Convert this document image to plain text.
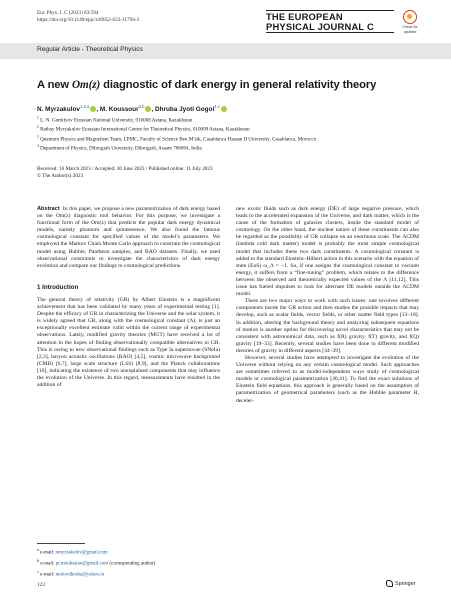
Eur. Phys. J. C (2023) 83:594
https://doi.org/10.1140/epjc/s10052-023-11794-3	THE EUROPEAN
PHYSICAL JOURNAL C	Check for
updates
Regular Article - Theoretical Physics
A new Om(z) diagnostic of dark energy in general relativity theory
N. Myrzakulov$^{1,2,a}$ , M. Koussour$^{3,b}$ , Dhruba Jyoti Gogoi$^{4,c}$
$^1$ L. N. Gumilyov Eurasian National University, 010008 Astana, Kazakhstan
$^2$ Ratbay Myrzakulov Eurasian International Centre for Theoretical Physics, 010009 Astana, Kazakhstan
$^3$ Quantum Physics and Magnetism Team, LPMC, Faculty of Science Ben M’sik, Casablanca Hassan II University, Casablanca, Morocco
$^4$ Department of Physics, Dibrugarh University, Dibrugarh, Assam 786004, India
Received: 16 March 2023 / Accepted: 30 June 2023 / Published online: 11 July 2023
© The Author(s) 2023

Abstract In this paper, we propose a new parametrization of dark energy based on the Om(z) diagnostic tool behavior. For this purpose, we investigate a functional form of the Om(z) that predicts the popular dark energy dynamical models, namely phantom and quintessence. We also found the famous cosmological constant for specified values of the model’s parameters. We employed the Markov Chain Monte Carlo approach to constrain the cosmological model using Hubble, Pantheon samples, and BAO datasets. Finally, we used observational constraints to investigate the characteristics of dark energy evolution and compare our findings to cosmological predictions.

1 Introduction

The general theory of relativity (GR) by Albert Einstein is a magnificent achievement that has been validated by many years of experimental testing [1]. Despite the efficacy of GR in characterizing the Universe and the solar system, it is widely agreed that GR, along with the cosmological constant (Λ), is just an exceptionally excellent estimate valid within the current range of experimental observations. Lately, modified gravity theories (MGT) have received a lot of attention in the hopes of finding observationally compatible alternatives to GR. This is owing to new observational findings such as Type Ia supernovae (SNeIa) [2,3], baryon acoustic oscillations (BAO) [4,5], cosmic microwave background (CMB) [6,7], large scale structure (LSS) [8,9], and the Planck collaborations [10], indicating the existence of two unexplained components that may influence the evolution of the Universe. In this regard, measurements have resulted in the addition of

new exotic fluids such as dark energy (DE) of large negative pressure, which leads to the accelerated expansion of the Universe, and dark matter, which is the cause of the formation of galaxies clusters, inside the standard model of cosmology. On the other hand, the unclear nature of these constituents can also be regarded as the possibility of GR collapse on an enormous scale. The ΛCDM (lambda cold dark matter) model is probably the most simple cosmological model that includes these two dark constituents. A cosmological constant is added to the standard Einstein–Hilbert action in this scenario with the equation of state (EoS) ω_Λ = −1. So, if one assigns the cosmological constant to vacuum energy, it suffers from a “fine-tuning” problem, which relates to the difference between the observed and theoretically expected values of the Λ [11,12]. This issue has fueled impulses to look for alternate DE models outside the ΛCDM model.

There are two major ways to work with such issues: one involves different components inside the GR action and then studies the possible impacts that may develop, such as scalar fields, vector fields, or other matter field types [13–18]. In addition, altering the background theory and analyzing subsequent equations of motion is another option for discovering novel characteristics that may not be consistent with astronomical data, such as f(R) gravity, f(T) gravity, and f(Q) gravity [19–33]. Recently, several studies have been done in different modified theories of gravity in different aspects [34–39].

However, several studies have attempted to investigate the evolution of the Universe without relying on any certain cosmological model. Such approaches are sometimes referred to as model-independent ways study of cosmological models or cosmological parametrization [40,41]. To find the exact solutions of Einstein field equations, this approach is generally based on the assumption of parametrization of geometrical parameters (such as the Hubble parameter H, deceler-

$^a$ e-mail: nmyrzakulov@gmail.com
$^b$ e-mail: pr.mouhssine@gmail.com (corresponding author)
$^c$ e-mail: moloydhruba@yahoo.in
123	Springer
